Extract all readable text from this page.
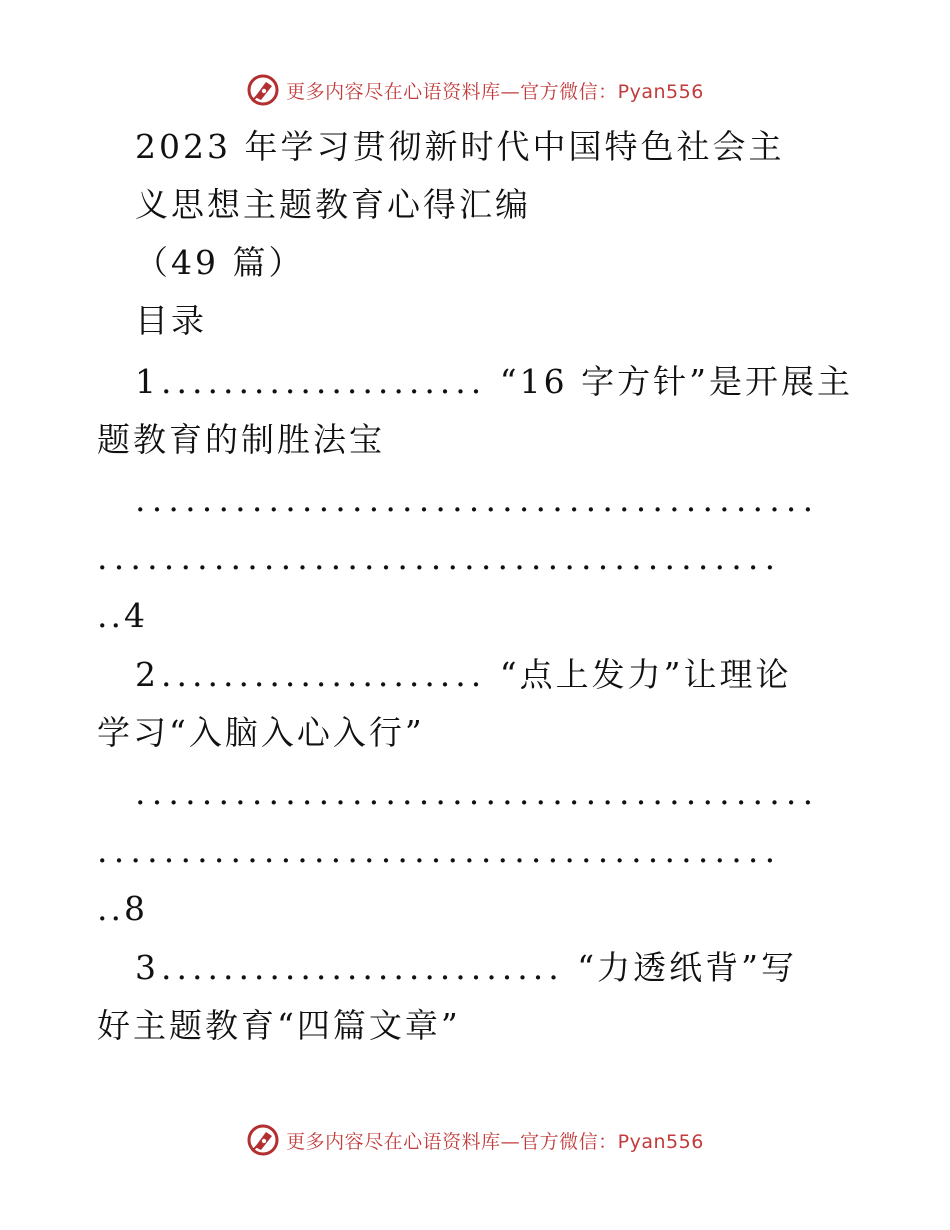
更多内容尽在心语资料库—官方微信：Pyan556
2023 年学习贯彻新时代中国特色社会主
义思想主题教育心得汇编
（49 篇）
目录
1..................... “16 字方针”是开展主
题教育的制胜法宝
.........................................
.........................................
..4
2..................... “点上发力”让理论
学习“入脑入心入行”
.........................................
.........................................
..8
3.......................... “力透纸背”写
好主题教育“四篇文章”
更多内容尽在心语资料库—官方微信：Pyan556
